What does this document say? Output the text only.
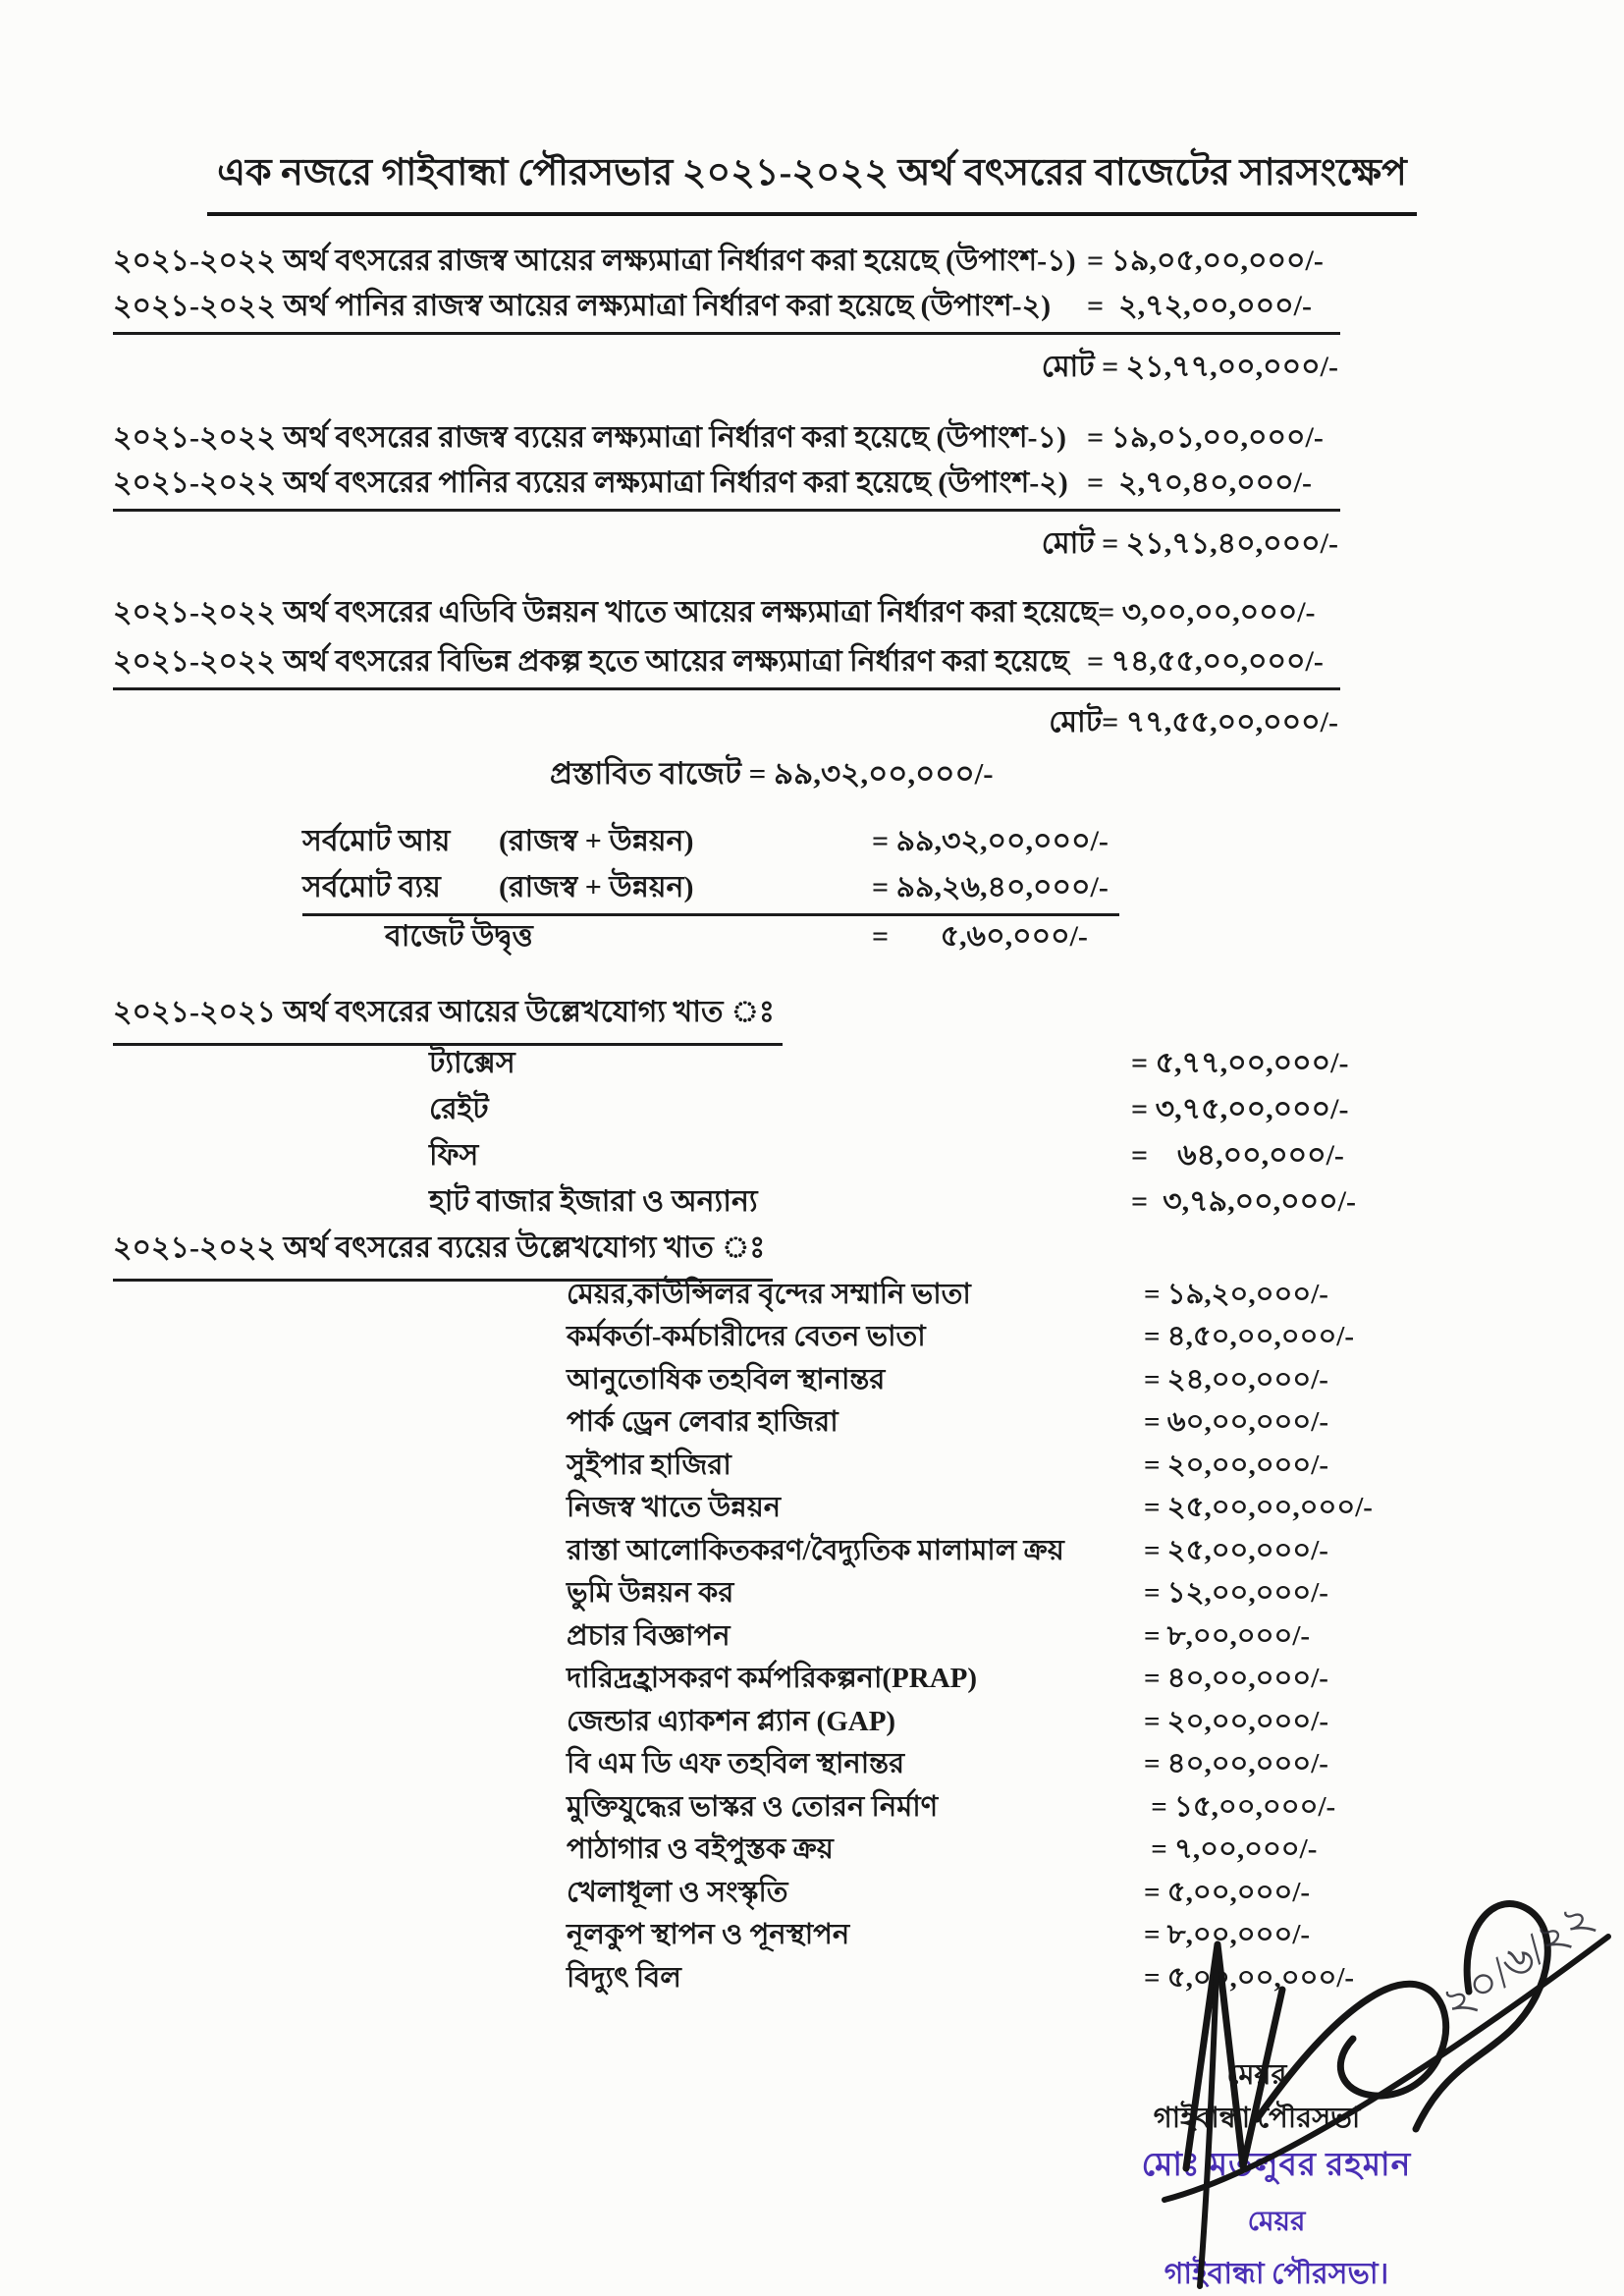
এক নজরে গাইবান্ধা পৌরসভার ২০২১-২০২২ অর্থ বৎসরের বাজেটের সারসংক্ষেপ
২০২১-২০২২ অর্থ বৎসরের রাজস্ব আয়ের লক্ষ্যমাত্রা নির্ধারণ করা হয়েছে (উপাংশ-১) = ১৯,০৫,০০,০০০/-
২০২১-২০২২ অর্থ পানির রাজস্ব আয়ের লক্ষ্যমাত্রা নির্ধারণ করা হয়েছে (উপাংশ-২)	=  ২,৭২,০০,০০০/-
মোট = ২১,৭৭,০০,০০০/-
২০২১-২০২২ অর্থ বৎসরের রাজস্ব ব্যয়ের লক্ষ্যমাত্রা নির্ধারণ করা হয়েছে (উপাংশ-১) = ১৯,০১,০০,০০০/-
২০২১-২০২২ অর্থ বৎসরের পানির ব্যয়ের লক্ষ্যমাত্রা নির্ধারণ করা হয়েছে (উপাংশ-২) =  ২,৭০,৪০,০০০/-
মোট = ২১,৭১,৪০,০০০/-
২০২১-২০২২ অর্থ বৎসরের এডিবি উন্নয়ন খাতে আয়ের লক্ষ্যমাত্রা নির্ধারণ করা হয়েছে = ৩,০০,০০,০০০/-
২০২১-২০২২ অর্থ বৎসরের বিভিন্ন প্রকল্প হতে আয়ের লক্ষ্যমাত্রা নির্ধারণ করা হয়েছে = ৭৪,৫৫,০০,০০০/-
মোট= ৭৭,৫৫,০০,০০০/-
প্রস্তাবিত বাজেট = ৯৯,৩২,০০,০০০/-
সর্বমোট আয়	(রাজস্ব + উন্নয়ন)	= ৯৯,৩২,০০,০০০/-
সর্বমোট ব্যয়	(রাজস্ব + উন্নয়ন)	= ৯৯,২৬,৪০,০০০/-
বাজেট উদ্বৃত্ত	=       ৫,৬০,০০০/-
২০২১-২০২১ অর্থ বৎসরের আয়ের উল্লেখযোগ্য খাত ঃ
ট্যাক্সেস	= ৫,৭৭,০০,০০০/-
রেইট	= ৩,৭৫,০০,০০০/-
ফিস	=    ৬৪,০০,০০০/-
হাট বাজার ইজারা ও অন্যান্য	=  ৩,৭৯,০০,০০০/-
২০২১-২০২২ অর্থ বৎসরের ব্যয়ের উল্লেখযোগ্য খাত ঃ
মেয়র,কাউন্সিলর বৃন্দের সম্মানি ভাতা	= ১৯,২০,০০০/-
কর্মকর্তা-কর্মচারীদের বেতন ভাতা	= ৪,৫০,০০,০০০/-
আনুতোষিক তহবিল স্থানান্তর	= ২৪,০০,০০০/-
পার্ক ড্রেন লেবার হাজিরা	= ৬০,০০,০০০/-
সুইপার হাজিরা	= ২০,০০,০০০/-
নিজস্ব খাতে উন্নয়ন	= ২৫,০০,০০,০০০/-
রাস্তা আলোকিতকরণ/বৈদ্যুতিক মালামাল ক্রয়	= ২৫,০০,০০০/-
ভুমি উন্নয়ন কর	= ১২,০০,০০০/-
প্রচার বিজ্ঞাপন	= ৮,০০,০০০/-
দারিদ্রহ্রাসকরণ কর্মপরিকল্পনা(PRAP)	= ৪০,০০,০০০/-
জেন্ডার এ্যাকশন প্ল্যান (GAP)	= ২০,০০,০০০/-
বি এম ডি এফ তহবিল স্থানান্তর	= ৪০,০০,০০০/-
মুক্তিযুদ্ধের ভাস্কর ও তোরন নির্মাণ	= ১৫,০০,০০০/-
পাঠাগার ও বইপুস্তক ক্রয়	= ৭,০০,০০০/-
খেলাধূলা ও সংস্কৃতি	= ৫,০০,০০০/-
নূলকুপ স্থাপন ও পূনস্থাপন	= ৮,০০,০০০/-
বিদ্যুৎ বিল	= ৫,০০,০০,০০০/-
মেয়র
গাইবান্ধা পৌরসভা
মোঃ মতলুবর রহমান
মেয়র
গাইবান্ধা পৌরসভা।
২০/৬/২২
